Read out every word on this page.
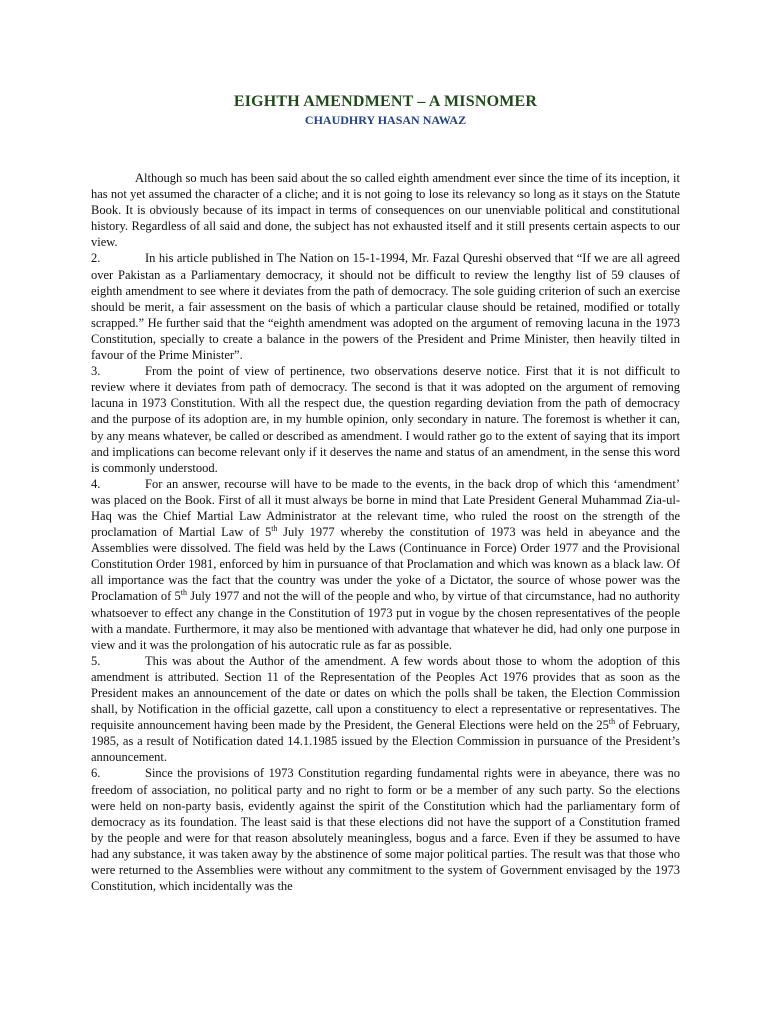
EIGHTH AMENDMENT – A MISNOMER
CHAUDHRY HASAN NAWAZ

Although so much has been said about the so called eighth amendment ever since the time of its inception, it has not yet assumed the character of a cliche; and it is not going to lose its relevancy so long as it stays on the Statute Book. It is obviously because of its impact in terms of consequences on our unenviable political and constitutional history. Regardless of all said and done, the subject has not exhausted itself and it still presents certain aspects to our view.

2.	In his article published in The Nation on 15-1-1994, Mr. Fazal Qureshi observed that “If we are all agreed over Pakistan as a Parliamentary democracy, it should not be difficult to review the lengthy list of 59 clauses of eighth amendment to see where it deviates from the path of democracy. The sole guiding criterion of such an exercise should be merit, a fair assessment on the basis of which a particular clause should be retained, modified or totally scrapped.” He further said that the “eighth amendment was adopted on the argument of removing lacuna in the 1973 Constitution, specially to create a balance in the powers of the President and Prime Minister, then heavily tilted in favour of the Prime Minister”.

3.	From the point of view of pertinence, two observations deserve notice. First that it is not difficult to review where it deviates from path of democracy. The second is that it was adopted on the argument of removing lacuna in 1973 Constitution. With all the respect due, the question regarding deviation from the path of democracy and the purpose of its adoption are, in my humble opinion, only secondary in nature. The foremost is whether it can, by any means whatever, be called or described as amendment. I would rather go to the extent of saying that its import and implications can become relevant only if it deserves the name and status of an amendment, in the sense this word is commonly understood.

4.	For an answer, recourse will have to be made to the events, in the back drop of which this ‘amendment’ was placed on the Book. First of all it must always be borne in mind that Late President General Muhammad Zia-ul-Haq was the Chief Martial Law Administrator at the relevant time, who ruled the roost on the strength of the proclamation of Martial Law of 5th July 1977 whereby the constitution of 1973 was held in abeyance and the Assemblies were dissolved. The field was held by the Laws (Continuance in Force) Order 1977 and the Provisional Constitution Order 1981, enforced by him in pursuance of that Proclamation and which was known as a black law. Of all importance was the fact that the country was under the yoke of a Dictator, the source of whose power was the Proclamation of 5th July 1977 and not the will of the people and who, by virtue of that circumstance, had no authority whatsoever to effect any change in the Constitution of 1973 put in vogue by the chosen representatives of the people with a mandate. Furthermore, it may also be mentioned with advantage that whatever he did, had only one purpose in view and it was the prolongation of his autocratic rule as far as possible.

5.	This was about the Author of the amendment. A few words about those to whom the adoption of this amendment is attributed. Section 11 of the Representation of the Peoples Act 1976 provides that as soon as the President makes an announcement of the date or dates on which the polls shall be taken, the Election Commission shall, by Notification in the official gazette, call upon a constituency to elect a representative or representatives. The requisite announcement having been made by the President, the General Elections were held on the 25th of February, 1985, as a result of Notification dated 14.1.1985 issued by the Election Commission in pursuance of the President’s announcement.

6.	Since the provisions of 1973 Constitution regarding fundamental rights were in abeyance, there was no freedom of association, no political party and no right to form or be a member of any such party. So the elections were held on non-party basis, evidently against the spirit of the Constitution which had the parliamentary form of democracy as its foundation. The least said is that these elections did not have the support of a Constitution framed by the people and were for that reason absolutely meaningless, bogus and a farce. Even if they be assumed to have had any substance, it was taken away by the abstinence of some major political parties. The result was that those who were returned to the Assemblies were without any commitment to the system of Government envisaged by the 1973 Constitution, which incidentally was the
